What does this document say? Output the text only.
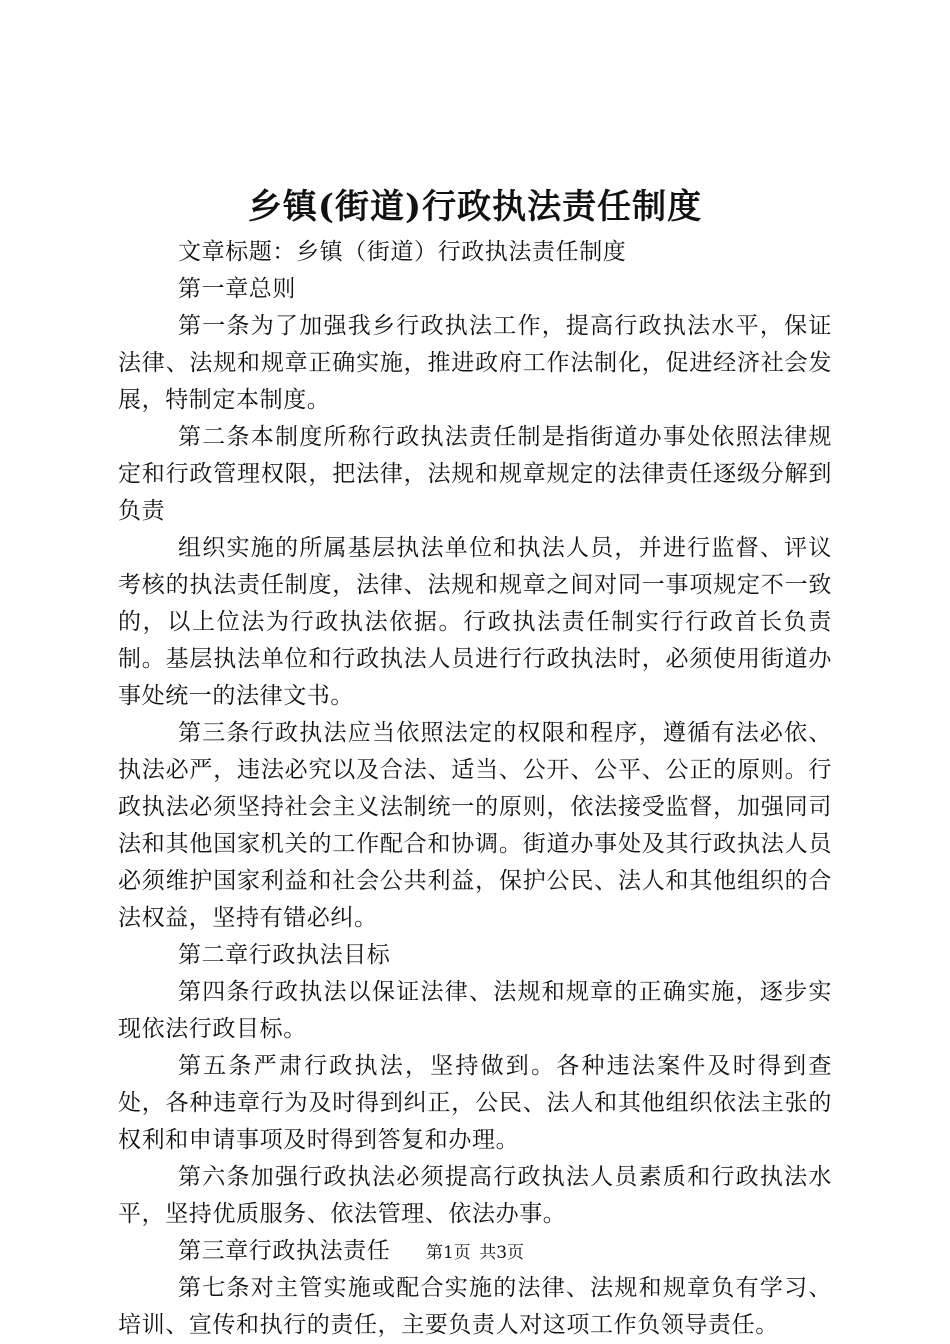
乡镇(街道)行政执法责任制度

文章标题：乡镇（街道）行政执法责任制度

第一章总则

第一条为了加强我乡行政执法工作，提高行政执法水平，保证法律、法规和规章正确实施，推进政府工作法制化，促进经济社会发展，特制定本制度。

第二条本制度所称行政执法责任制是指街道办事处依照法律规定和行政管理权限，把法律，法规和规章规定的法律责任逐级分解到负责

组织实施的所属基层执法单位和执法人员，并进行监督、评议考核的执法责任制度，法律、法规和规章之间对同一事项规定不一致的，以上位法为行政执法依据。行政执法责任制实行行政首长负责制。基层执法单位和行政执法人员进行行政执法时，必须使用街道办事处统一的法律文书。

第三条行政执法应当依照法定的权限和程序，遵循有法必依、执法必严，违法必究以及合法、适当、公开、公平、公正的原则。行政执法必须坚持社会主义法制统一的原则，依法接受监督，加强同司法和其他国家机关的工作配合和协调。街道办事处及其行政执法人员必须维护国家利益和社会公共利益，保护公民、法人和其他组织的合法权益，坚持有错必纠。

第二章行政执法目标

第四条行政执法以保证法律、法规和规章的正确实施，逐步实现依法行政目标。

第五条严肃行政执法，坚持做到。各种违法案件及时得到查处，各种违章行为及时得到纠正，公民、法人和其他组织依法主张的权利和申请事项及时得到答复和办理。

第六条加强行政执法必须提高行政执法人员素质和行政执法水平，坚持优质服务、依法管理、依法办事。

第三章行政执法责任

第七条对主管实施或配合实施的法律、法规和规章负有学习、培训、宣传和执行的责任，主要负责人对这项工作负领导责任。

第1页 共3页
